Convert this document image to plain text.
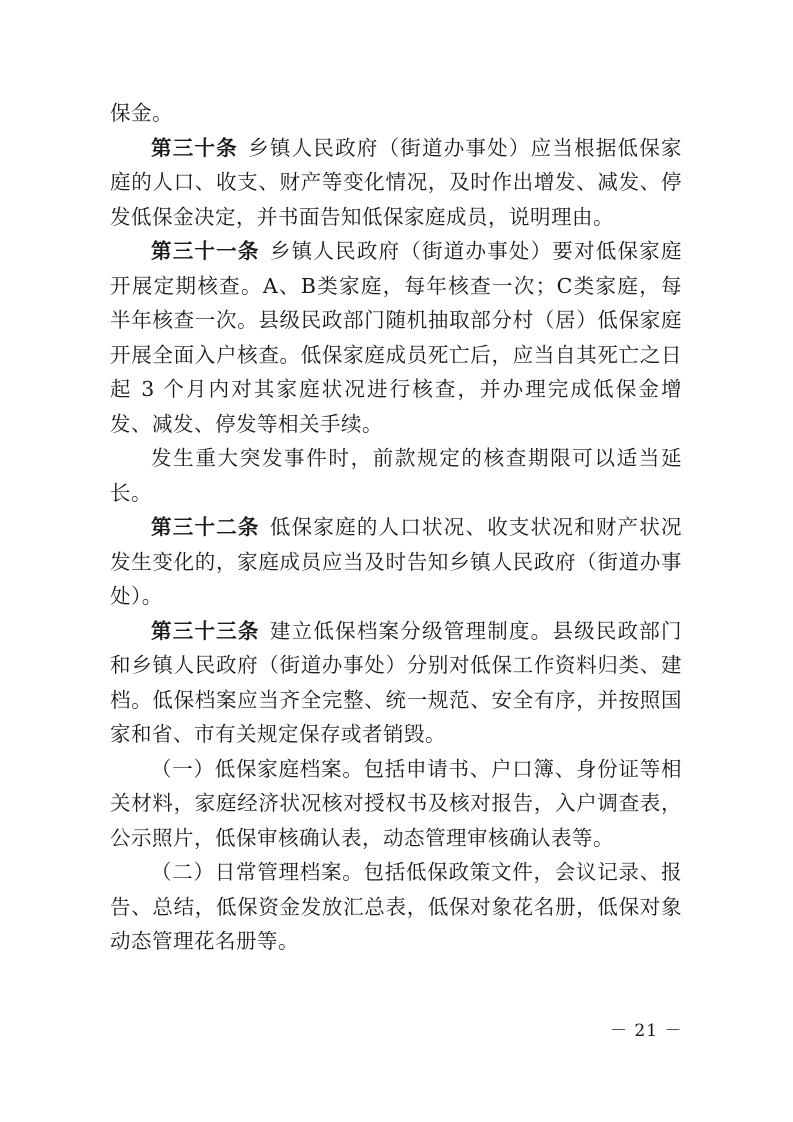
保金。

第三十条 乡镇人民政府（街道办事处）应当根据低保家庭的人口、收支、财产等变化情况，及时作出增发、减发、停发低保金决定，并书面告知低保家庭成员，说明理由。

第三十一条 乡镇人民政府（街道办事处）要对低保家庭开展定期核查。A、B类家庭，每年核查一次；C类家庭，每半年核查一次。县级民政部门随机抽取部分村（居）低保家庭开展全面入户核查。低保家庭成员死亡后，应当自其死亡之日起 3 个月内对其家庭状况进行核查，并办理完成低保金增发、减发、停发等相关手续。

发生重大突发事件时，前款规定的核查期限可以适当延长。

第三十二条 低保家庭的人口状况、收支状况和财产状况发生变化的，家庭成员应当及时告知乡镇人民政府（街道办事处）。

第三十三条 建立低保档案分级管理制度。县级民政部门和乡镇人民政府（街道办事处）分别对低保工作资料归类、建档。低保档案应当齐全完整、统一规范、安全有序，并按照国家和省、市有关规定保存或者销毁。

（一）低保家庭档案。包括申请书、户口簿、身份证等相关材料，家庭经济状况核对授权书及核对报告，入户调查表，公示照片，低保审核确认表，动态管理审核确认表等。

（二）日常管理档案。包括低保政策文件，会议记录、报告、总结，低保资金发放汇总表，低保对象花名册，低保对象动态管理花名册等。

－ 21 －
